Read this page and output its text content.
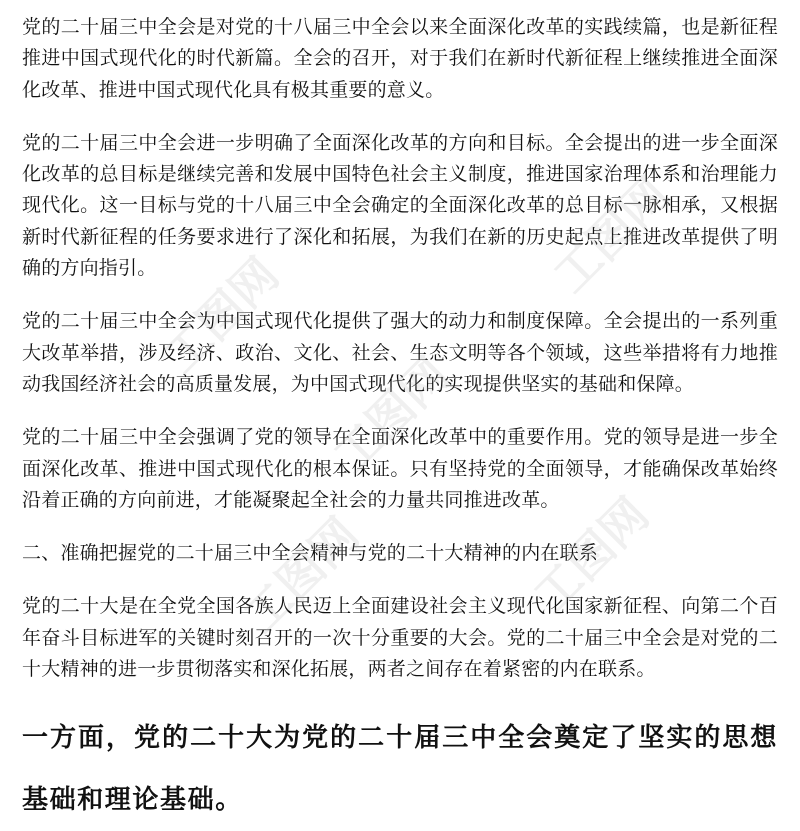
党的二十届三中全会是对党的十八届三中全会以来全面深化改革的实践续篇，也是新征程推进中国式现代化的时代新篇。全会的召开，对于我们在新时代新征程上继续推进全面深化改革、推进中国式现代化具有极其重要的意义。

党的二十届三中全会进一步明确了全面深化改革的方向和目标。全会提出的进一步全面深化改革的总目标是继续完善和发展中国特色社会主义制度，推进国家治理体系和治理能力现代化。这一目标与党的十八届三中全会确定的全面深化改革的总目标一脉相承，又根据新时代新征程的任务要求进行了深化和拓展，为我们在新的历史起点上推进改革提供了明确的方向指引。

党的二十届三中全会为中国式现代化提供了强大的动力和制度保障。全会提出的一系列重大改革举措，涉及经济、政治、文化、社会、生态文明等各个领域，这些举措将有力地推动我国经济社会的高质量发展，为中国式现代化的实现提供坚实的基础和保障。

党的二十届三中全会强调了党的领导在全面深化改革中的重要作用。党的领导是进一步全面深化改革、推进中国式现代化的根本保证。只有坚持党的全面领导，才能确保改革始终沿着正确的方向前进，才能凝聚起全社会的力量共同推进改革。

二、准确把握党的二十届三中全会精神与党的二十大精神的内在联系

党的二十大是在全党全国各族人民迈上全面建设社会主义现代化国家新征程、向第二个百年奋斗目标进军的关键时刻召开的一次十分重要的大会。党的二十届三中全会是对党的二十大精神的进一步贯彻落实和深化拓展，两者之间存在着紧密的内在联系。

一方面，党的二十大为党的二十届三中全会奠定了坚实的思想基础和理论基础。

工图网
工图网
工图网
工图网	工图网
